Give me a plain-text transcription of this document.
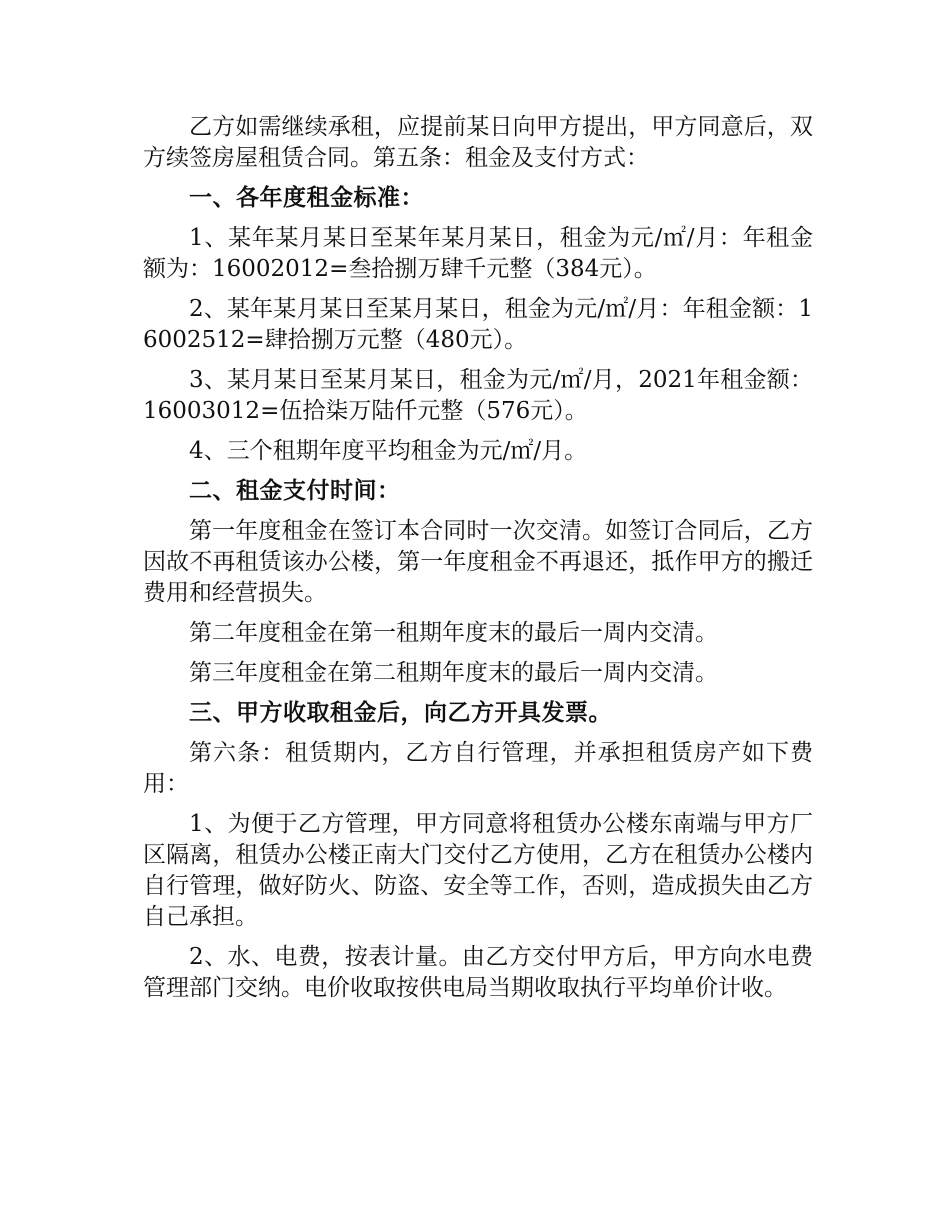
乙方如需继续承租，应提前某日向甲方提出，甲方同意后，双方续签房屋租赁合同。第五条：租金及支付方式：

一、各年度租金标准：

1、某年某月某日至某年某月某日，租金为元/㎡/月：年租金额为：16002012=叁拾捌万肆千元整（384元）。

2、某年某月某日至某月某日，租金为元/㎡/月：年租金额：16002512=肆拾捌万元整（480元）。

3、某月某日至某月某日，租金为元/㎡/月，2021年租金额：16003012=伍拾柒万陆仟元整（576元）。

4、三个租期年度平均租金为元/㎡/月。

二、租金支付时间：

第一年度租金在签订本合同时一次交清。如签订合同后，乙方因故不再租赁该办公楼，第一年度租金不再退还，抵作甲方的搬迁费用和经营损失。

第二年度租金在第一租期年度末的最后一周内交清。

第三年度租金在第二租期年度末的最后一周内交清。

三、甲方收取租金后，向乙方开具发票。

第六条：租赁期内，乙方自行管理，并承担租赁房产如下费用：

1、为便于乙方管理，甲方同意将租赁办公楼东南端与甲方厂区隔离，租赁办公楼正南大门交付乙方使用，乙方在租赁办公楼内自行管理，做好防火、防盗、安全等工作，否则，造成损失由乙方自己承担。

2、水、电费，按表计量。由乙方交付甲方后，甲方向水电费管理部门交纳。电价收取按供电局当期收取执行平均单价计收。
